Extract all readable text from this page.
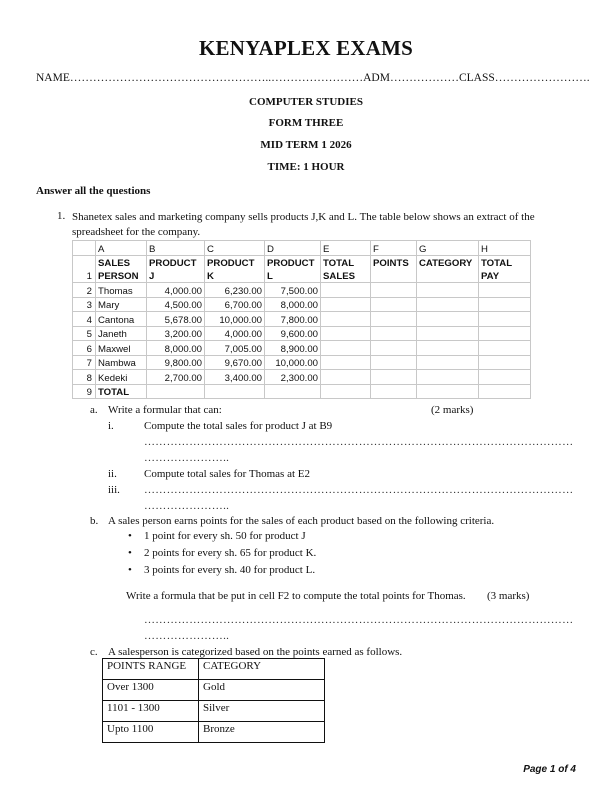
KENYAPLEX EXAMS
NAME……………………………………………..……………………ADM………………CLASS…………………….
COMPUTER STUDIES
FORM THREE
MID TERM 1 2026
TIME: 1 HOUR
Answer all the questions
1. Shanetex sales and marketing company sells products J,K and L. The table below shows an extract of the spreadsheet for the company.
	A	B	C	D	E	F	G	H
	SALES	PRODUCT	PRODUCT	PRODUCT	TOTAL	POINTS	CATEGORY	TOTAL
1	PERSON	J	K	L	SALES			PAY
2	Thomas	4,000.00	6,230.00	7,500.00				
3	Mary	4,500.00	6,700.00	8,000.00				
4	Cantona	5,678.00	10,000.00	7,800.00				
5	Janeth	3,200.00	4,000.00	9,600.00				
6	Maxwel	8,000.00	7,005.00	8,900.00				
7	Nambwa	9,800.00	9,670.00	10,000.00				
8	Kedeki	2,700.00	3,400.00	2,300.00				
9	TOTAL							
a. Write a formular that can:	(2 marks)
i.	Compute the total sales for product J at B9
……………………………………………………………………………………………………
…………………..
ii. Compute total sales for Thomas at E2
iii. ……………………………………………………………………………………………………
…………………..
b. A sales person earns points for the sales of each product based on the following criteria.
• 1 point for every sh. 50 for product J
• 2 points for every sh. 65 for product K.
• 3 points for every sh. 40 for product L.
Write a formula that be put in cell F2 to compute the total points for Thomas. (3 marks)
……………………………………………………………………………………………………
…………………..
c. A salesperson is categorized based on the points earned as follows.
POINTS RANGE	CATEGORY
Over 1300	Gold
1101 - 1300	Silver
Upto 1100	Bronze
Page 1 of 4
